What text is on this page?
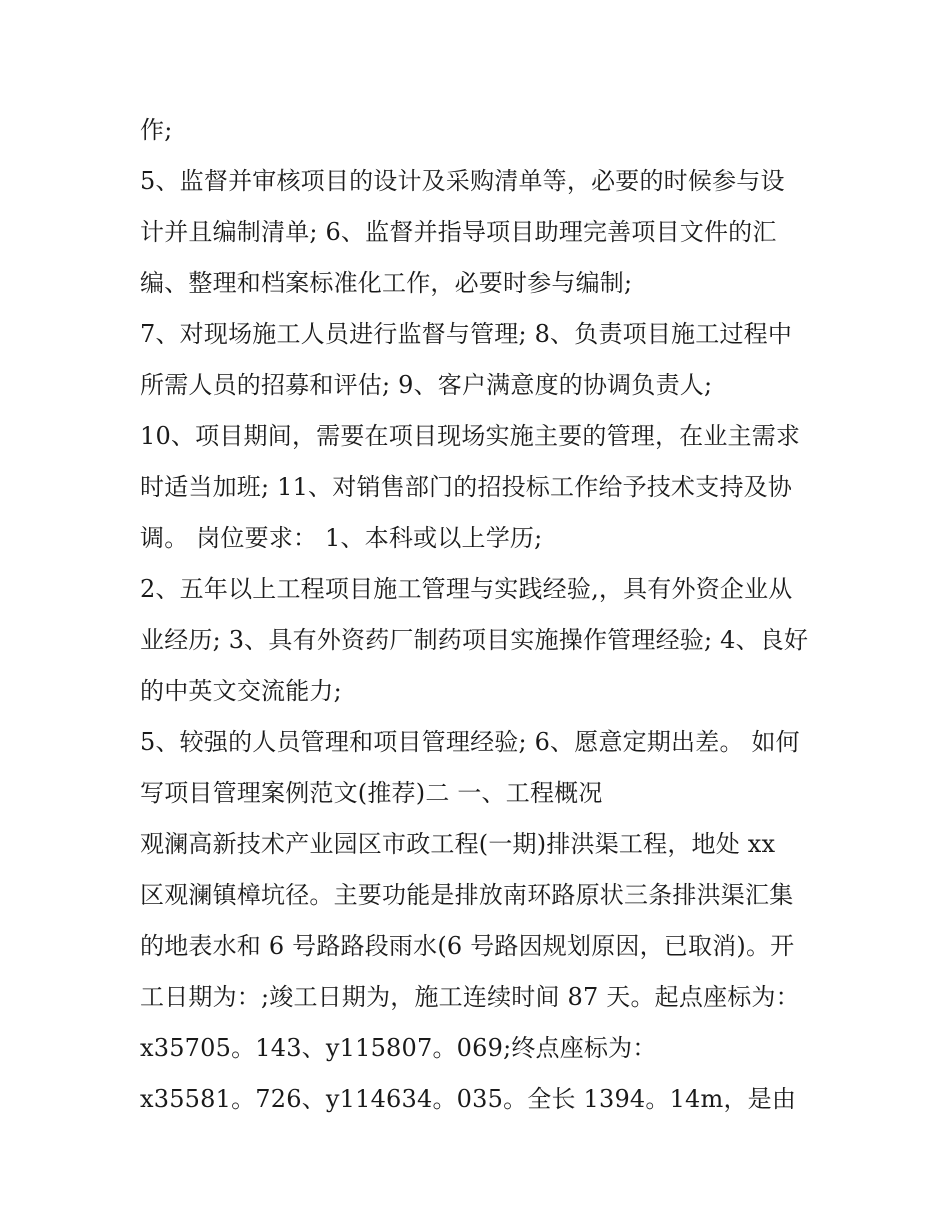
作;
5、监督并审核项目的设计及采购清单等，必要的时候参与设
计并且编制清单; 6、监督并指导项目助理完善项目文件的汇
编、整理和档案标准化工作，必要时参与编制;
7、对现场施工人员进行监督与管理; 8、负责项目施工过程中
所需人员的招募和评估; 9、客户满意度的协调负责人;
10、项目期间，需要在项目现场实施主要的管理，在业主需求
时适当加班; 11、对销售部门的招投标工作给予技术支持及协
调。 岗位要求： 1、本科或以上学历;
2、五年以上工程项目施工管理与实践经验,，具有外资企业从
业经历; 3、具有外资药厂制药项目实施操作管理经验; 4、良好
的中英文交流能力;
5、较强的人员管理和项目管理经验; 6、愿意定期出差。 如何
写项目管理案例范文(推荐)二 一、工程概况
观澜高新技术产业园区市政工程(一期)排洪渠工程，地处 xx
区观澜镇樟坑径。主要功能是排放南环路原状三条排洪渠汇集
的地表水和 6 号路路段雨水(6 号路因规划原因，已取消)。开
工日期为：;竣工日期为，施工连续时间 87 天。起点座标为：
x35705。143、y115807。069;终点座标为：
x35581。726、y114634。035。全长 1394。14m，是由
